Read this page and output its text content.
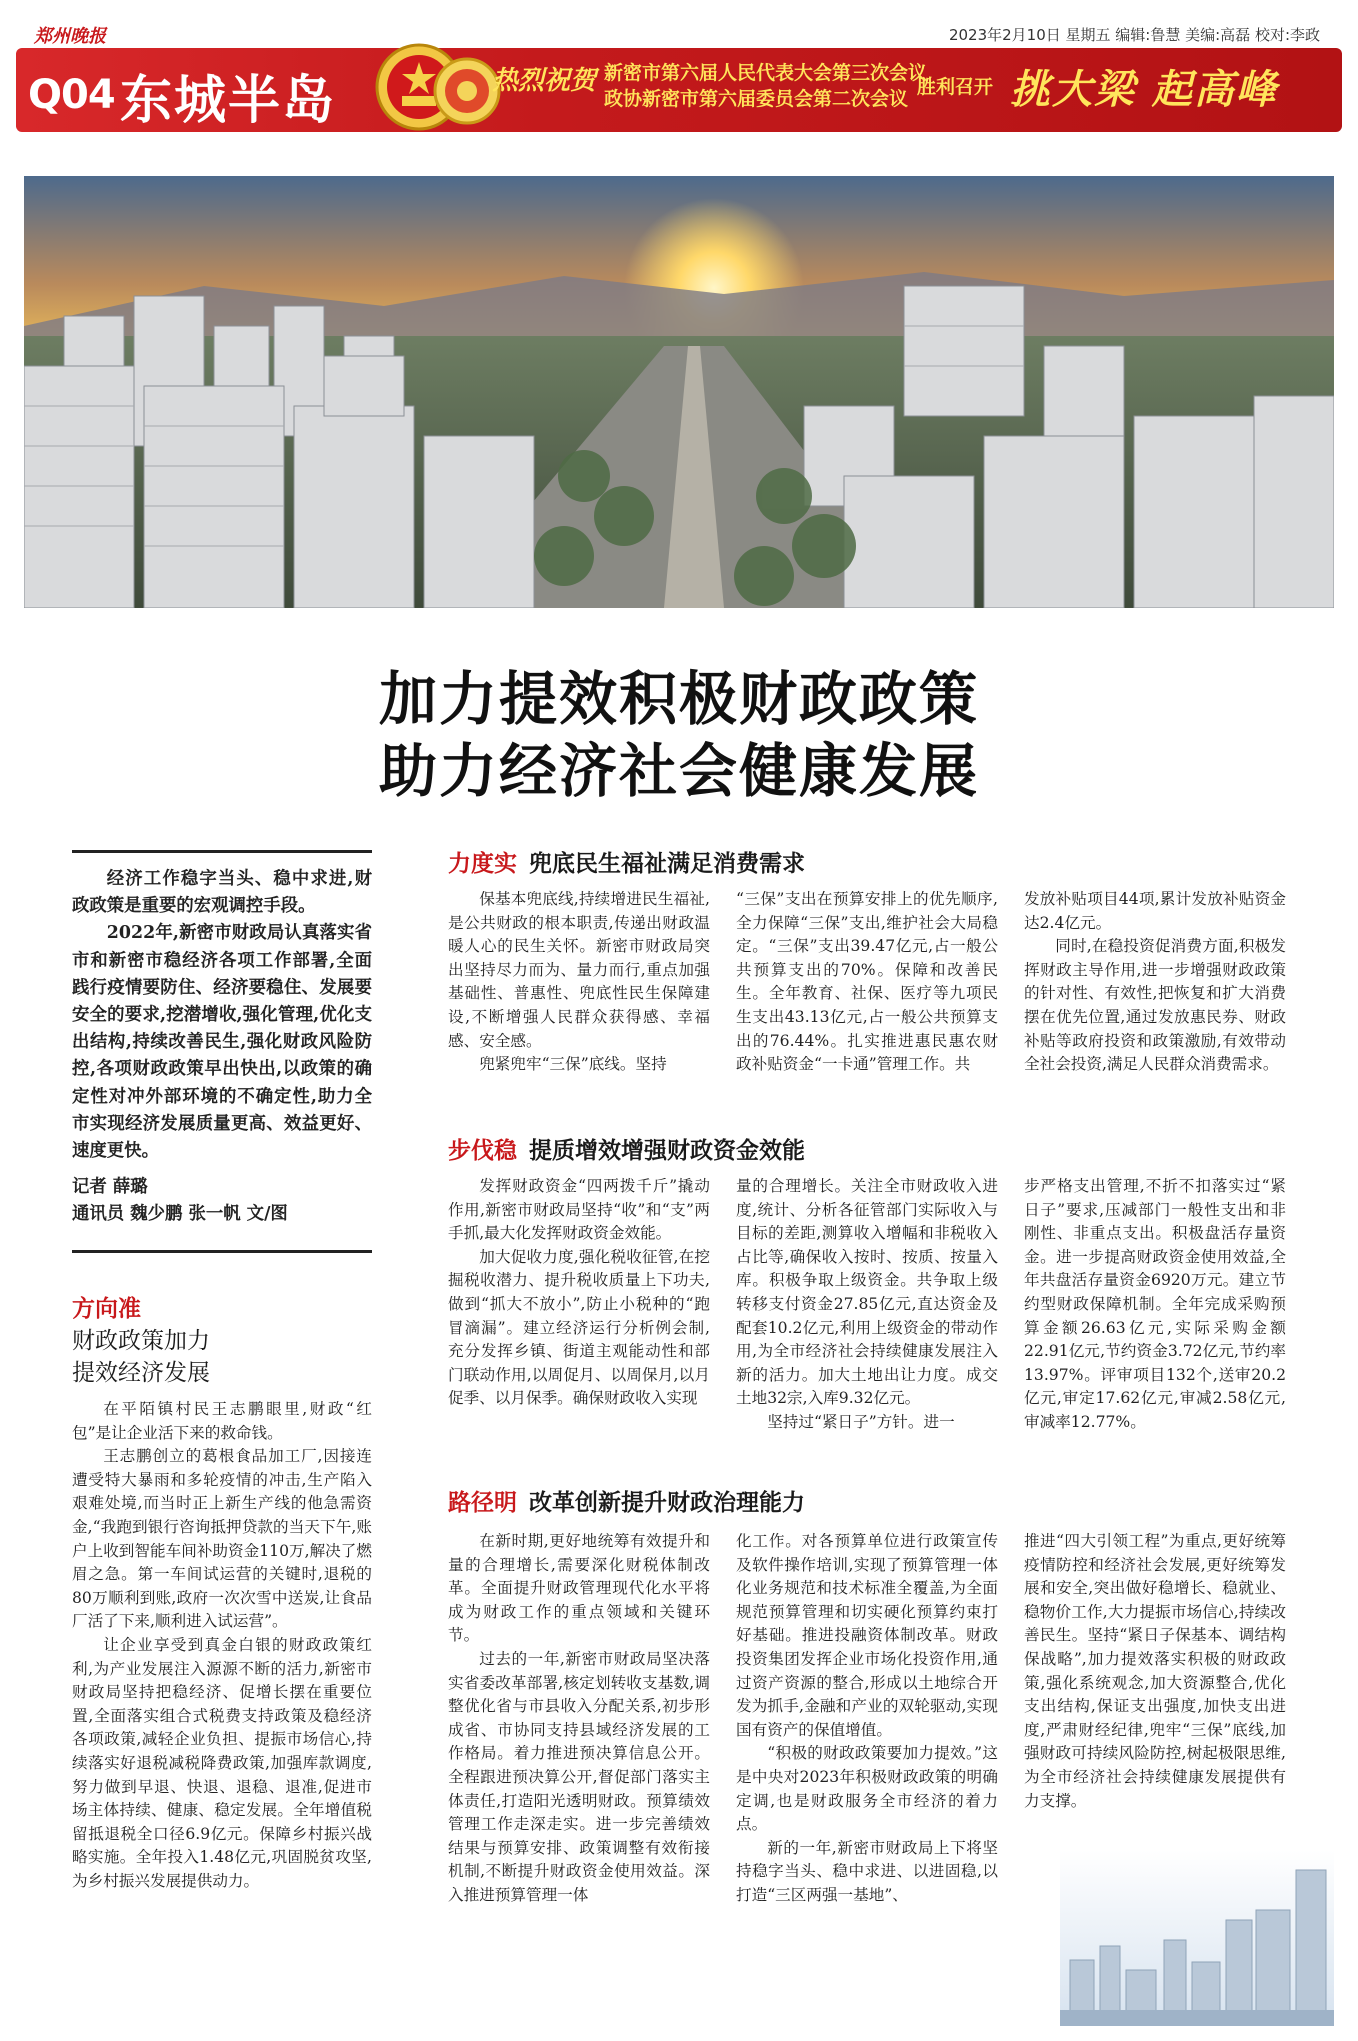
郑州晚报	2023年2月10日 星期五 编辑:鲁慧 美编:高磊 校对:李政
Q04 东城半岛	热烈祝贺 新密市第六届人民代表大会第三次会议
政协新密市第六届委员会第二次会议
胜利召开 挑大梁 起高峰
加力提效积极财政政策
助力经济社会健康发展

经济工作稳字当头、稳中求进,财政政策是重要的宏观调控手段。

2022年,新密市财政局认真落实省市和新密市稳经济各项工作部署,全面践行疫情要防住、经济要稳住、发展要安全的要求,挖潜增收,强化管理,优化支出结构,持续改善民生,强化财政风险防控,各项财政政策早出快出,以政策的确定性对冲外部环境的不确定性,助力全市实现经济发展质量更高、效益更好、速度更快。

记者 薛璐
通讯员 魏少鹏 张一帆 文/图
方向准
财政政策加力
提效经济发展

在平陌镇村民王志鹏眼里,财政“红包”是让企业活下来的救命钱。

王志鹏创立的葛根食品加工厂,因接连遭受特大暴雨和多轮疫情的冲击,生产陷入艰难处境,而当时正上新生产线的他急需资金,“我跑到银行咨询抵押贷款的当天下午,账户上收到智能车间补助资金110万,解决了燃眉之急。第一车间试运营的关键时,退税的80万顺利到账,政府一次次雪中送炭,让食品厂活了下来,顺利进入试运营”。

让企业享受到真金白银的财政政策红利,为产业发展注入源源不断的活力,新密市财政局坚持把稳经济、促增长摆在重要位置,全面落实组合式税费支持政策及稳经济各项政策,减轻企业负担、提振市场信心,持续落实好退税减税降费政策,加强库款调度,努力做到早退、快退、退稳、退准,促进市场主体持续、健康、稳定发展。全年增值税留抵退税全口径6.9亿元。保障乡村振兴战略实施。全年投入1.48亿元,巩固脱贫攻坚,为乡村振兴发展提供动力。

力度实 兜底民生福祉满足消费需求

保基本兜底线,持续增进民生福祉,是公共财政的根本职责,传递出财政温暖人心的民生关怀。新密市财政局突出坚持尽力而为、量力而行,重点加强基础性、普惠性、兜底性民生保障建设,不断增强人民群众获得感、幸福感、安全感。

兜紧兜牢“三保”底线。坚持

“三保”支出在预算安排上的优先顺序,全力保障“三保”支出,维护社会大局稳定。“三保”支出39.47亿元,占一般公共预算支出的70%。保障和改善民生。全年教育、社保、医疗等九项民生支出43.13亿元,占一般公共预算支出的76.44%。扎实推进惠民惠农财政补贴资金“一卡通”管理工作。共

发放补贴项目44项,累计发放补贴资金达2.4亿元。

同时,在稳投资促消费方面,积极发挥财政主导作用,进一步增强财政政策的针对性、有效性,把恢复和扩大消费摆在优先位置,通过发放惠民券、财政补贴等政府投资和政策激励,有效带动全社会投资,满足人民群众消费需求。

步伐稳 提质增效增强财政资金效能

发挥财政资金“四两拨千斤”撬动作用,新密市财政局坚持“收”和“支”两手抓,最大化发挥财政资金效能。

加大促收力度,强化税收征管,在挖掘税收潜力、提升税收质量上下功夫,做到“抓大不放小”,防止小税种的“跑冒滴漏”。建立经济运行分析例会制,充分发挥乡镇、街道主观能动性和部门联动作用,以周促月、以周保月,以月促季、以月保季。确保财政收入实现

量的合理增长。关注全市财政收入进度,统计、分析各征管部门实际收入与目标的差距,测算收入增幅和非税收入占比等,确保收入按时、按质、按量入库。积极争取上级资金。共争取上级转移支付资金27.85亿元,直达资金及配套10.2亿元,利用上级资金的带动作用,为全市经济社会持续健康发展注入新的活力。加大土地出让力度。成交土地32宗,入库9.32亿元。

坚持过“紧日子”方针。进一

步严格支出管理,不折不扣落实过“紧日子”要求,压减部门一般性支出和非刚性、非重点支出。积极盘活存量资金。进一步提高财政资金使用效益,全年共盘活存量资金6920万元。建立节约型财政保障机制。全年完成采购预算金额26.63亿元,实际采购金额22.91亿元,节约资金3.72亿元,节约率13.97%。评审项目132个,送审20.2亿元,审定17.62亿元,审减2.58亿元,审减率12.77%。

路径明 改革创新提升财政治理能力

在新时期,更好地统筹有效提升和量的合理增长,需要深化财税体制改革。全面提升财政管理现代化水平将成为财政工作的重点领域和关键环节。

过去的一年,新密市财政局坚决落实省委改革部署,核定划转收支基数,调整优化省与市县收入分配关系,初步形成省、市协同支持县域经济发展的工作格局。着力推进预决算信息公开。全程跟进预决算公开,督促部门落实主体责任,打造阳光透明财政。预算绩效管理工作走深走实。进一步完善绩效结果与预算安排、政策调整有效衔接机制,不断提升财政资金使用效益。深入推进预算管理一体

化工作。对各预算单位进行政策宣传及软件操作培训,实现了预算管理一体化业务规范和技术标准全覆盖,为全面规范预算管理和切实硬化预算约束打好基础。推进投融资体制改革。财政投资集团发挥企业市场化投资作用,通过资产资源的整合,形成以土地综合开发为抓手,金融和产业的双轮驱动,实现国有资产的保值增值。

“积极的财政政策要加力提效。”这是中央对2023年积极财政政策的明确定调,也是财政服务全市经济的着力点。

新的一年,新密市财政局上下将坚持稳字当头、稳中求进、以进固稳,以打造“三区两强一基地”、

推进“四大引领工程”为重点,更好统筹疫情防控和经济社会发展,更好统筹发展和安全,突出做好稳增长、稳就业、稳物价工作,大力提振市场信心,持续改善民生。坚持“紧日子保基本、调结构保战略”,加力提效落实积极的财政政策,强化系统观念,加大资源整合,优化支出结构,保证支出强度,加快支出进度,严肃财经纪律,兜牢“三保”底线,加强财政可持续风险防控,树起极限思维,为全市经济社会持续健康发展提供有力支撑。
